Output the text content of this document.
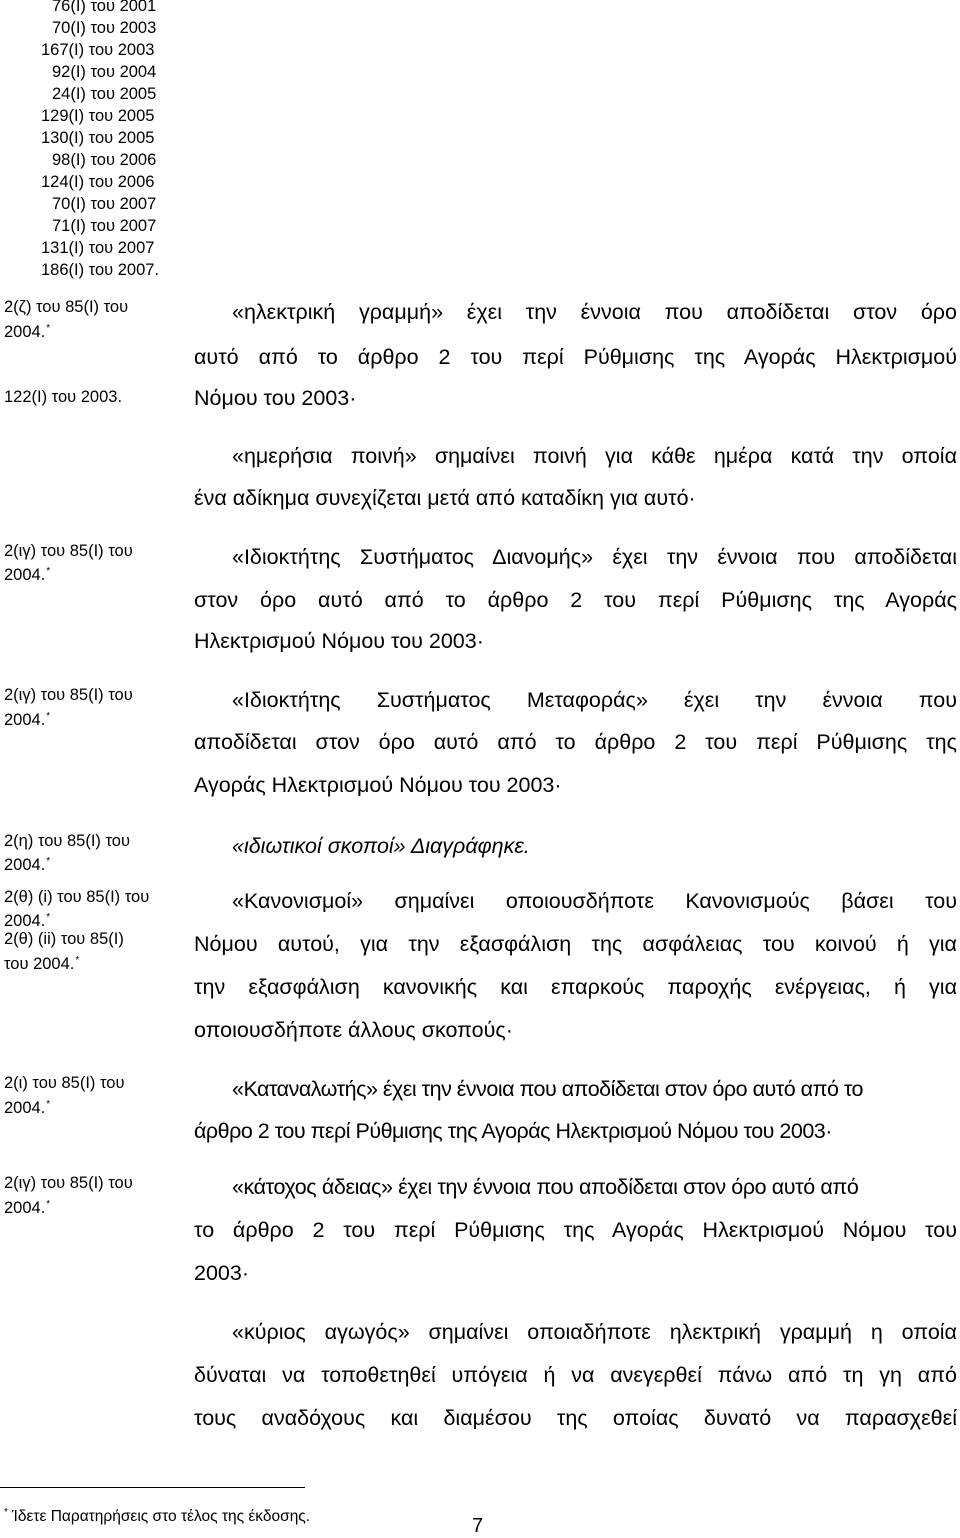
76(Ι) του 2001
70(Ι) του 2003
167(Ι) του 2003
92(Ι) του 2004
24(Ι) του 2005
129(Ι) του 2005
130(Ι) του 2005
98(Ι) του 2006
124(Ι) του 2006
70(Ι) του 2007
71(Ι) του 2007
131(Ι) του 2007
186(Ι) του 2007.
2(ζ) του 85(Ι) του
2004.*
122(Ι) του 2003.
2(ιγ) του 85(Ι) του
2004.*
2(ιγ) του 85(Ι) του
2004.*
2(η) του 85(Ι) του
2004.*
2(θ) (i) του 85(Ι) του
2004.*
2(θ) (ii) του 85(Ι)
του 2004.*
2(ι) του 85(Ι) του
2004.*
2(ιγ) του 85(Ι) του
2004.*
«ηλεκτρική γραμμή» έχει την έννοια που αποδίδεται στον όρο
αυτό από το άρθρο 2 του περί Ρύθμισης της Αγοράς Ηλεκτρισμού
Νόμου του 2003·
«ημερήσια ποινή» σημαίνει ποινή για κάθε ημέρα κατά την οποία
ένα αδίκημα συνεχίζεται μετά από καταδίκη για αυτό·
«Ιδιοκτήτης Συστήματος Διανομής» έχει την έννοια που αποδίδεται
στον όρο αυτό από το άρθρο 2 του περί Ρύθμισης της Αγοράς
Ηλεκτρισμού Νόμου του 2003·
«Ιδιοκτήτης Συστήματος Μεταφοράς» έχει την έννοια που
αποδίδεται στον όρο αυτό από το άρθρο 2 του περί Ρύθμισης της
Αγοράς Ηλεκτρισμού Νόμου του 2003·
«ιδιωτικοί σκοποί» Διαγράφηκε.
«Κανονισμοί» σημαίνει οποιουσδήποτε Κανονισμούς βάσει του
Νόμου αυτού, για την εξασφάλιση της ασφάλειας του κοινού ή για
την εξασφάλιση κανονικής και επαρκούς παροχής ενέργειας, ή για
οποιουσδήποτε άλλους σκοπούς·
«Καταναλωτής» έχει την έννοια που αποδίδεται στον όρο αυτό από το
άρθρο 2 του περί Ρύθμισης της Αγοράς Ηλεκτρισμού Νόμου του 2003·
«κάτοχος άδειας» έχει την έννοια που αποδίδεται στον όρο αυτό από
το άρθρο 2 του περί Ρύθμισης της Αγοράς Ηλεκτρισμού Νόμου του
2003·
«κύριος αγωγός» σημαίνει οποιαδήποτε ηλεκτρική γραμμή η οποία
δύναται να τοποθετηθεί υπόγεια ή να ανεγερθεί πάνω από τη γη από
τους αναδόχους και διαμέσου της οποίας δυνατό να παρασχεθεί
* Ίδετε Παρατηρήσεις στο τέλος της έκδοσης.	7
